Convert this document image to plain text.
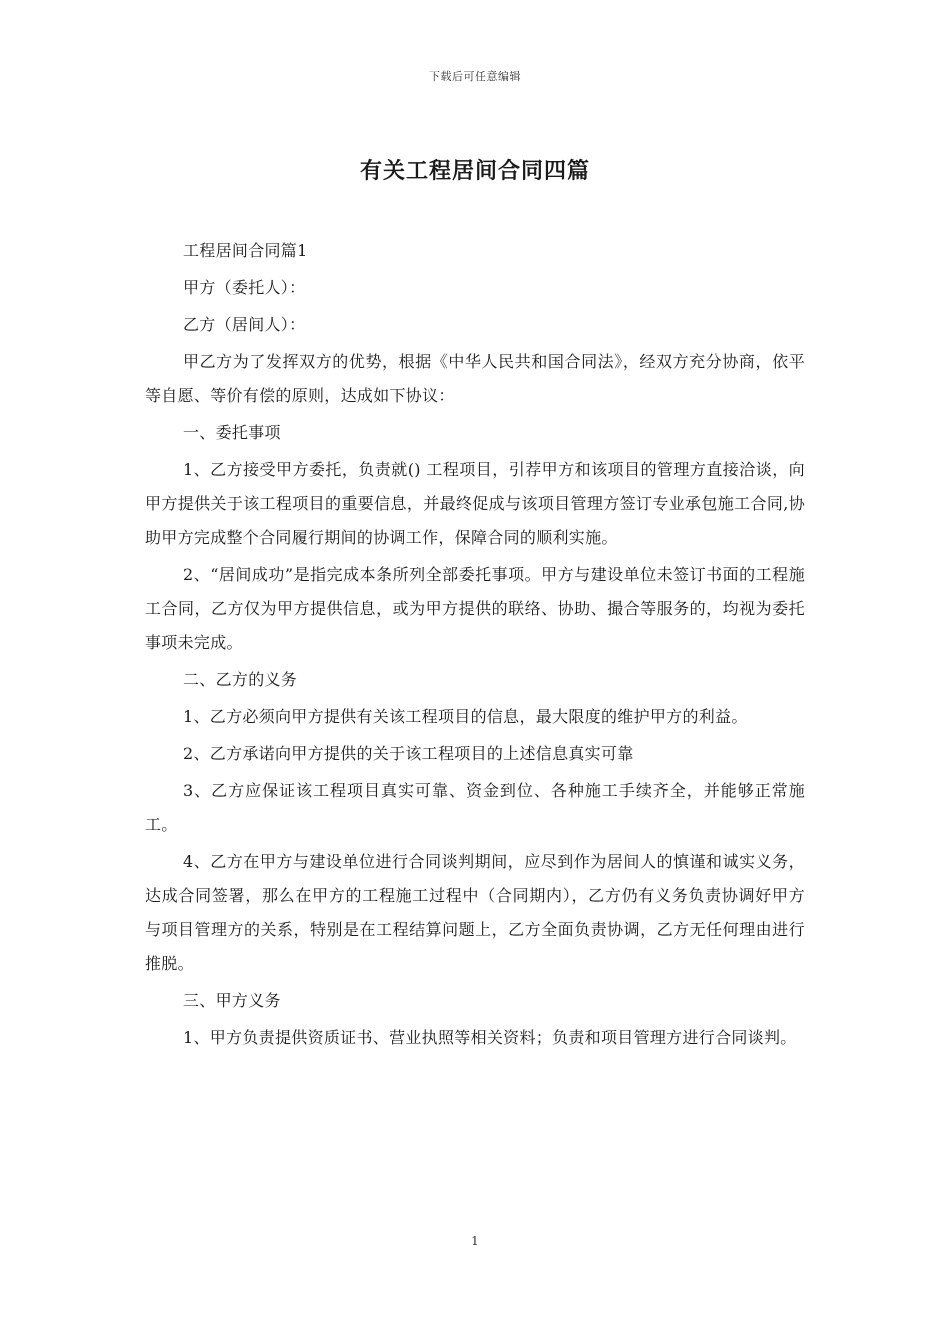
下载后可任意编辑
有关工程居间合同四篇

工程居间合同篇1

甲方（委托人）：

乙方（居间人）：

甲乙方为了发挥双方的优势，根据《中华人民共和国合同法》，经双方充分协商，依平等自愿、等价有偿的原则，达成如下协议：

一、委托事项

1、乙方接受甲方委托，负责就() 工程项目，引荐甲方和该项目的管理方直接洽谈，向甲方提供关于该工程项目的重要信息，并最终促成与该项目管理方签订专业承包施工合同,协助甲方完成整个合同履行期间的协调工作，保障合同的顺利实施。

2、“居间成功”是指完成本条所列全部委托事项。甲方与建设单位未签订书面的工程施工合同，乙方仅为甲方提供信息，或为甲方提供的联络、协助、撮合等服务的，均视为委托事项未完成。

二、乙方的义务

1、乙方必须向甲方提供有关该工程项目的信息，最大限度的维护甲方的利益。

2、乙方承诺向甲方提供的关于该工程项目的上述信息真实可靠

3、乙方应保证该工程项目真实可靠、资金到位、各种施工手续齐全，并能够正常施工。

4、乙方在甲方与建设单位进行合同谈判期间，应尽到作为居间人的慎谨和诚实义务，达成合同签署，那么在甲方的工程施工过程中（合同期内），乙方仍有义务负责协调好甲方与项目管理方的关系，特别是在工程结算问题上，乙方全面负责协调，乙方无任何理由进行推脱。

三、甲方义务

1、甲方负责提供资质证书、营业执照等相关资料；负责和项目管理方进行合同谈判。

1
